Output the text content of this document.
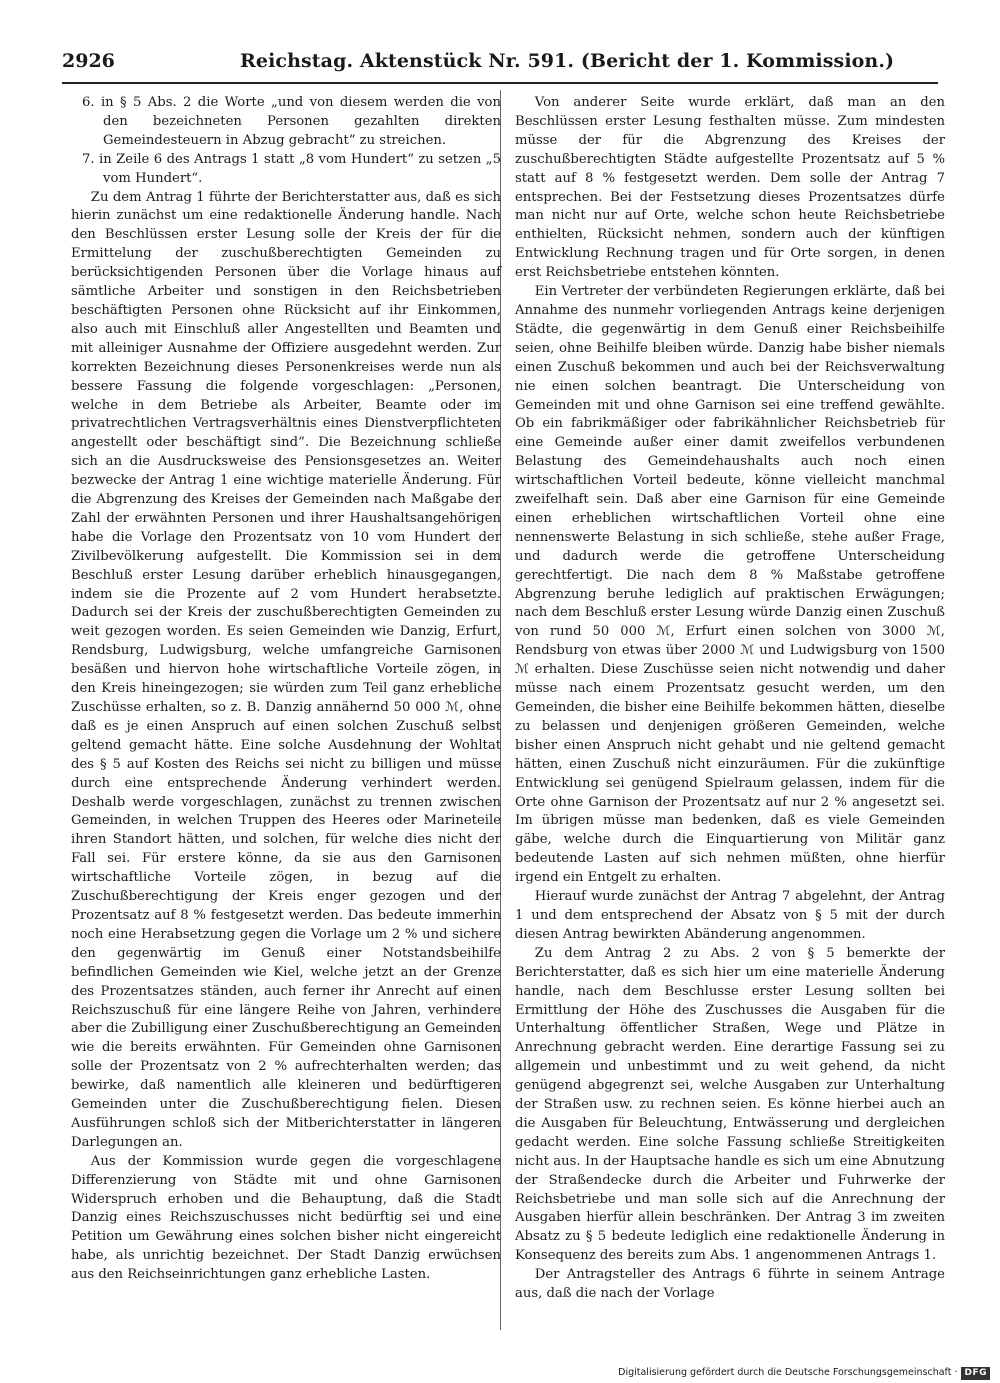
2926	Reichstag. Aktenstück Nr. 591. (Bericht der 1. Kommission.)

6. in § 5 Abs. 2 die Worte „und von diesem werden die von den bezeichneten Personen gezahlten direkten Gemeindesteuern in Abzug gebracht“ zu streichen.

7. in Zeile 6 des Antrags 1 statt „8 vom Hundert“ zu setzen „5 vom Hundert“.

Zu dem Antrag 1 führte der Berichterstatter aus, daß es sich hierin zunächst um eine redaktionelle Änderung handle. Nach den Beschlüssen erster Lesung solle der Kreis der für die Ermittelung der zuschußberechtigten Gemeinden zu berücksichtigenden Personen über die Vorlage hinaus auf sämtliche Arbeiter und sonstigen in den Reichsbetrieben beschäftigten Personen ohne Rücksicht auf ihr Einkommen, also auch mit Einschluß aller Angestellten und Beamten und mit alleiniger Ausnahme der Offiziere ausgedehnt werden. Zur korrekten Bezeichnung dieses Personenkreises werde nun als bessere Fassung die folgende vorgeschlagen: „Personen, welche in dem Betriebe als Arbeiter, Beamte oder im privatrechtlichen Vertragsverhältnis eines Dienstverpflichteten angestellt oder beschäftigt sind“. Die Bezeichnung schließe sich an die Ausdrucksweise des Pensionsgesetzes an. Weiter bezwecke der Antrag 1 eine wichtige materielle Änderung. Für die Abgrenzung des Kreises der Gemeinden nach Maßgabe der Zahl der erwähnten Personen und ihrer Haushaltsangehörigen habe die Vorlage den Prozentsatz von 10 vom Hundert der Zivilbevölkerung aufgestellt. Die Kommission sei in dem Beschluß erster Lesung darüber erheblich hinausgegangen, indem sie die Prozente auf 2 vom Hundert herabsetzte. Dadurch sei der Kreis der zuschußberechtigten Gemeinden zu weit gezogen worden. Es seien Gemeinden wie Danzig, Erfurt, Rendsburg, Ludwigsburg, welche umfangreiche Garnisonen besäßen und hiervon hohe wirtschaftliche Vorteile zögen, in den Kreis hineingezogen; sie würden zum Teil ganz erhebliche Zuschüsse erhalten, so z. B. Danzig annähernd 50 000 ℳ, ohne daß es je einen Anspruch auf einen solchen Zuschuß selbst geltend gemacht hätte. Eine solche Ausdehnung der Wohltat des § 5 auf Kosten des Reichs sei nicht zu billigen und müsse durch eine entsprechende Änderung verhindert werden. Deshalb werde vorgeschlagen, zunächst zu trennen zwischen Gemeinden, in welchen Truppen des Heeres oder Marineteile ihren Standort hätten, und solchen, für welche dies nicht der Fall sei. Für erstere könne, da sie aus den Garnisonen wirtschaftliche Vorteile zögen, in bezug auf die Zuschußberechtigung der Kreis enger gezogen und der Prozentsatz auf 8 % festgesetzt werden. Das bedeute immerhin noch eine Herabsetzung gegen die Vorlage um 2 % und sichere den gegenwärtig im Genuß einer Notstandsbeihilfe befindlichen Gemeinden wie Kiel, welche jetzt an der Grenze des Prozentsatzes ständen, auch ferner ihr Anrecht auf einen Reichszuschuß für eine längere Reihe von Jahren, verhindere aber die Zubilligung einer Zuschußberechtigung an Gemeinden wie die bereits erwähnten. Für Gemeinden ohne Garnisonen solle der Prozentsatz von 2 % aufrechterhalten werden; das bewirke, daß namentlich alle kleineren und bedürftigeren Gemeinden unter die Zuschußberechtigung fielen. Diesen Ausführungen schloß sich der Mitberichterstatter in längeren Darlegungen an.

Aus der Kommission wurde gegen die vorgeschlagene Differenzierung von Städte mit und ohne Garnisonen Widerspruch erhoben und die Behauptung, daß die Stadt Danzig eines Reichszuschusses nicht bedürftig sei und eine Petition um Gewährung eines solchen bisher nicht eingereicht habe, als unrichtig bezeichnet. Der Stadt Danzig erwüchsen aus den Reichseinrichtungen ganz erhebliche Lasten.

Von anderer Seite wurde erklärt, daß man an den Beschlüssen erster Lesung festhalten müsse. Zum mindesten müsse der für die Abgrenzung des Kreises der zuschußberechtigten Städte aufgestellte Prozentsatz auf 5 % statt auf 8 % festgesetzt werden. Dem solle der Antrag 7 entsprechen. Bei der Festsetzung dieses Prozentsatzes dürfe man nicht nur auf Orte, welche schon heute Reichsbetriebe enthielten, Rücksicht nehmen, sondern auch der künftigen Entwicklung Rechnung tragen und für Orte sorgen, in denen erst Reichsbetriebe entstehen könnten.

Ein Vertreter der verbündeten Regierungen erklärte, daß bei Annahme des nunmehr vorliegenden Antrags keine derjenigen Städte, die gegenwärtig in dem Genuß einer Reichsbeihilfe seien, ohne Beihilfe bleiben würde. Danzig habe bisher niemals einen Zuschuß bekommen und auch bei der Reichsverwaltung nie einen solchen beantragt. Die Unterscheidung von Gemeinden mit und ohne Garnison sei eine treffend gewählte. Ob ein fabrikmäßiger oder fabrikähnlicher Reichsbetrieb für eine Gemeinde außer einer damit zweifellos verbundenen Belastung des Gemeindehaushalts auch noch einen wirtschaftlichen Vorteil bedeute, könne vielleicht manchmal zweifelhaft sein. Daß aber eine Garnison für eine Gemeinde einen erheblichen wirtschaftlichen Vorteil ohne eine nennenswerte Belastung in sich schließe, stehe außer Frage, und dadurch werde die getroffene Unterscheidung gerechtfertigt. Die nach dem 8 % Maßstabe getroffene Abgrenzung beruhe lediglich auf praktischen Erwägungen; nach dem Beschluß erster Lesung würde Danzig einen Zuschuß von rund 50 000 ℳ, Erfurt einen solchen von 3000 ℳ, Rendsburg von etwas über 2000 ℳ und Ludwigsburg von 1500 ℳ erhalten. Diese Zuschüsse seien nicht notwendig und daher müsse nach einem Prozentsatz gesucht werden, um den Gemeinden, die bisher eine Beihilfe bekommen hätten, dieselbe zu belassen und denjenigen größeren Gemeinden, welche bisher einen Anspruch nicht gehabt und nie geltend gemacht hätten, einen Zuschuß nicht einzuräumen. Für die zukünftige Entwicklung sei genügend Spielraum gelassen, indem für die Orte ohne Garnison der Prozentsatz auf nur 2 % angesetzt sei. Im übrigen müsse man bedenken, daß es viele Gemeinden gäbe, welche durch die Einquartierung von Militär ganz bedeutende Lasten auf sich nehmen müßten, ohne hierfür irgend ein Entgelt zu erhalten.

Hierauf wurde zunächst der Antrag 7 abgelehnt, der Antrag 1 und dem entsprechend der Absatz von § 5 mit der durch diesen Antrag bewirkten Abänderung angenommen.

Zu dem Antrag 2 zu Abs. 2 von § 5 bemerkte der Berichterstatter, daß es sich hier um eine materielle Änderung handle, nach dem Beschlusse erster Lesung sollten bei Ermittlung der Höhe des Zuschusses die Ausgaben für die Unterhaltung öffentlicher Straßen, Wege und Plätze in Anrechnung gebracht werden. Eine derartige Fassung sei zu allgemein und unbestimmt und zu weit gehend, da nicht genügend abgegrenzt sei, welche Ausgaben zur Unterhaltung der Straßen usw. zu rechnen seien. Es könne hierbei auch an die Ausgaben für Beleuchtung, Entwässerung und dergleichen gedacht werden. Eine solche Fassung schließe Streitigkeiten nicht aus. In der Hauptsache handle es sich um eine Abnutzung der Straßendecke durch die Arbeiter und Fuhrwerke der Reichsbetriebe und man solle sich auf die Anrechnung der Ausgaben hierfür allein beschränken. Der Antrag 3 im zweiten Absatz zu § 5 bedeute lediglich eine redaktionelle Änderung in Konsequenz des bereits zum Abs. 1 angenommenen Antrags 1.

Der Antragsteller des Antrags 6 führte in seinem Antrage aus, daß die nach der Vorlage

Digitalisierung gefördert durch die Deutsche Forschungsgemeinschaft · DFG
